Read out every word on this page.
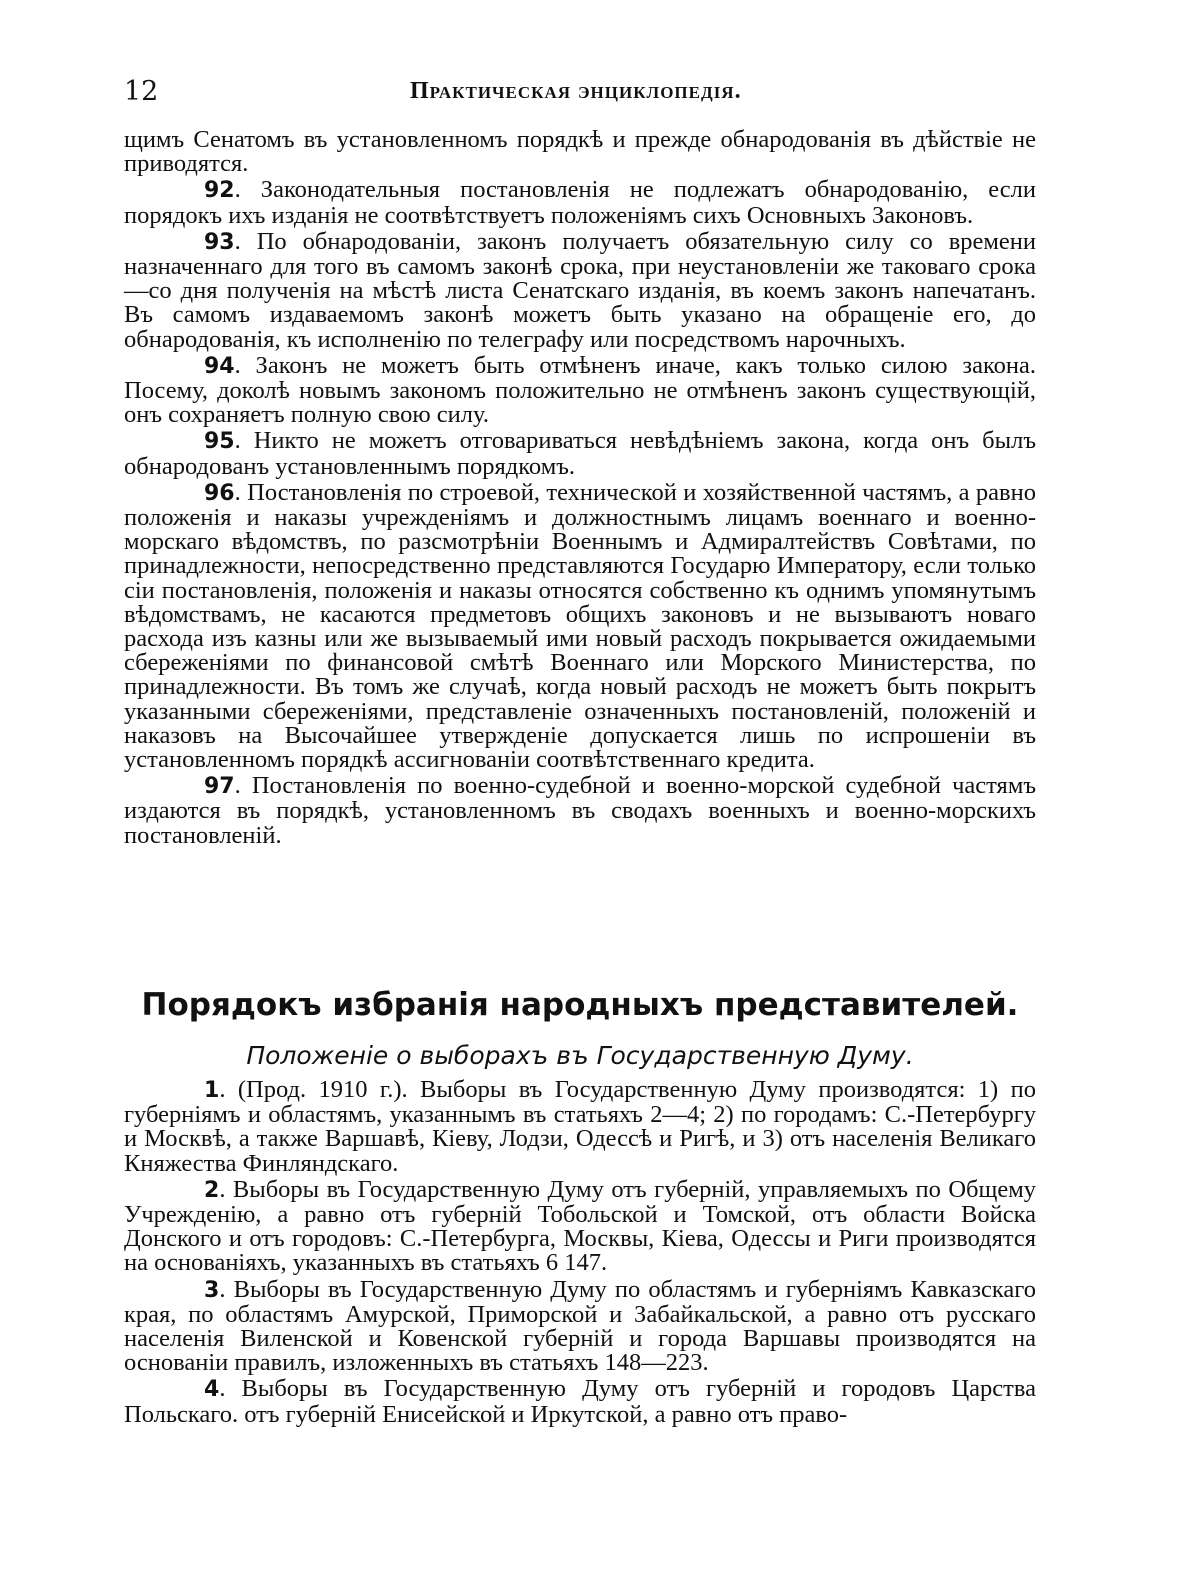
12	Практическая энциклопедія.

щимъ Сенатомъ въ установленномъ порядкѣ и прежде обнародованія въ дѣйствіе не приводятся.

92. Законодательныя постановленія не подлежатъ обнародованію, если порядокъ ихъ изданія не соотвѣтствуетъ положеніямъ сихъ Основныхъ Законовъ.

93. По обнародованіи, законъ получаетъ обязательную силу со времени назначеннаго для того въ самомъ законѣ срока, при неустановленіи же таковаго срока—со дня полученія на мѣстѣ листа Сенатскаго изданія, въ коемъ законъ напечатанъ. Въ самомъ издаваемомъ законѣ можетъ быть указано на обращеніе его, до обнародованія, къ исполненію по телеграфу или посредствомъ нарочныхъ.

94. Законъ не можетъ быть отмѣненъ иначе, какъ только силою закона. Посему, доколѣ новымъ закономъ положительно не отмѣненъ законъ существующій, онъ сохраняетъ полную свою силу.

95. Никто не можетъ отговариваться невѣдѣніемъ закона, когда онъ былъ обнародованъ установленнымъ порядкомъ.

96. Постановленія по строевой, технической и хозяйственной частямъ, а равно положенія и наказы учрежденіямъ и должностнымъ лицамъ военнаго и военно-морскаго вѣдомствъ, по разсмотрѣніи Военнымъ и Адмиралтействъ Совѣтами, по принадлежности, непосредственно представляются Государю Императору, если только сіи постановленія, положенія и наказы относятся собственно къ однимъ упомянутымъ вѣдомствамъ, не касаются предметовъ общихъ законовъ и не вызываютъ новаго расхода изъ казны или же вызываемый ими новый расходъ покрывается ожидаемыми сбереженіями по финансовой смѣтѣ Военнаго или Морского Министерства, по принадлежности. Въ томъ же случаѣ, когда новый расходъ не можетъ быть покрытъ указанными сбереженіями, представленіе означенныхъ постановленій, положеній и наказовъ на Высочайшее утвержденіе допускается лишь по испрошеніи въ установленномъ порядкѣ ассигнованіи соотвѣтственнаго кредита.

97. Постановленія по военно-судебной и военно-морской судебной частямъ издаются въ порядкѣ, установленномъ въ сводахъ военныхъ и военно-морскихъ постановленій.

Порядокъ избранія народныхъ представителей.
Положеніе о выборахъ въ Государственную Думу.

1. (Прод. 1910 г.). Выборы въ Государственную Думу производятся: 1) по губерніямъ и областямъ, указаннымъ въ статьяхъ 2—4; 2) по городамъ: С.-Петербургу и Москвѣ, а также Варшавѣ, Кіеву, Лодзи, Одессѣ и Ригѣ, и 3) отъ населенія Великаго Княжества Финляндскаго.

2. Выборы въ Государственную Думу отъ губерній, управляемыхъ по Общему Учрежденію, а равно отъ губерній Тобольской и Томской, отъ области Войска Донского и отъ городовъ: С.-Петербурга, Москвы, Кіева, Одессы и Риги производятся на основаніяхъ, указанныхъ въ статьяхъ 6 147.

3. Выборы въ Государственную Думу по областямъ и губерніямъ Кавказскаго края, по областямъ Амурской, Приморской и Забайкальской, а равно отъ русскаго населенія Виленской и Ковенской губерній и города Варшавы производятся на основаніи правилъ, изложенныхъ въ статьяхъ 148—223.

4. Выборы въ Государственную Думу отъ губерній и городовъ Царства Польскаго. отъ губерній Енисейской и Иркутской, а равно отъ право-
